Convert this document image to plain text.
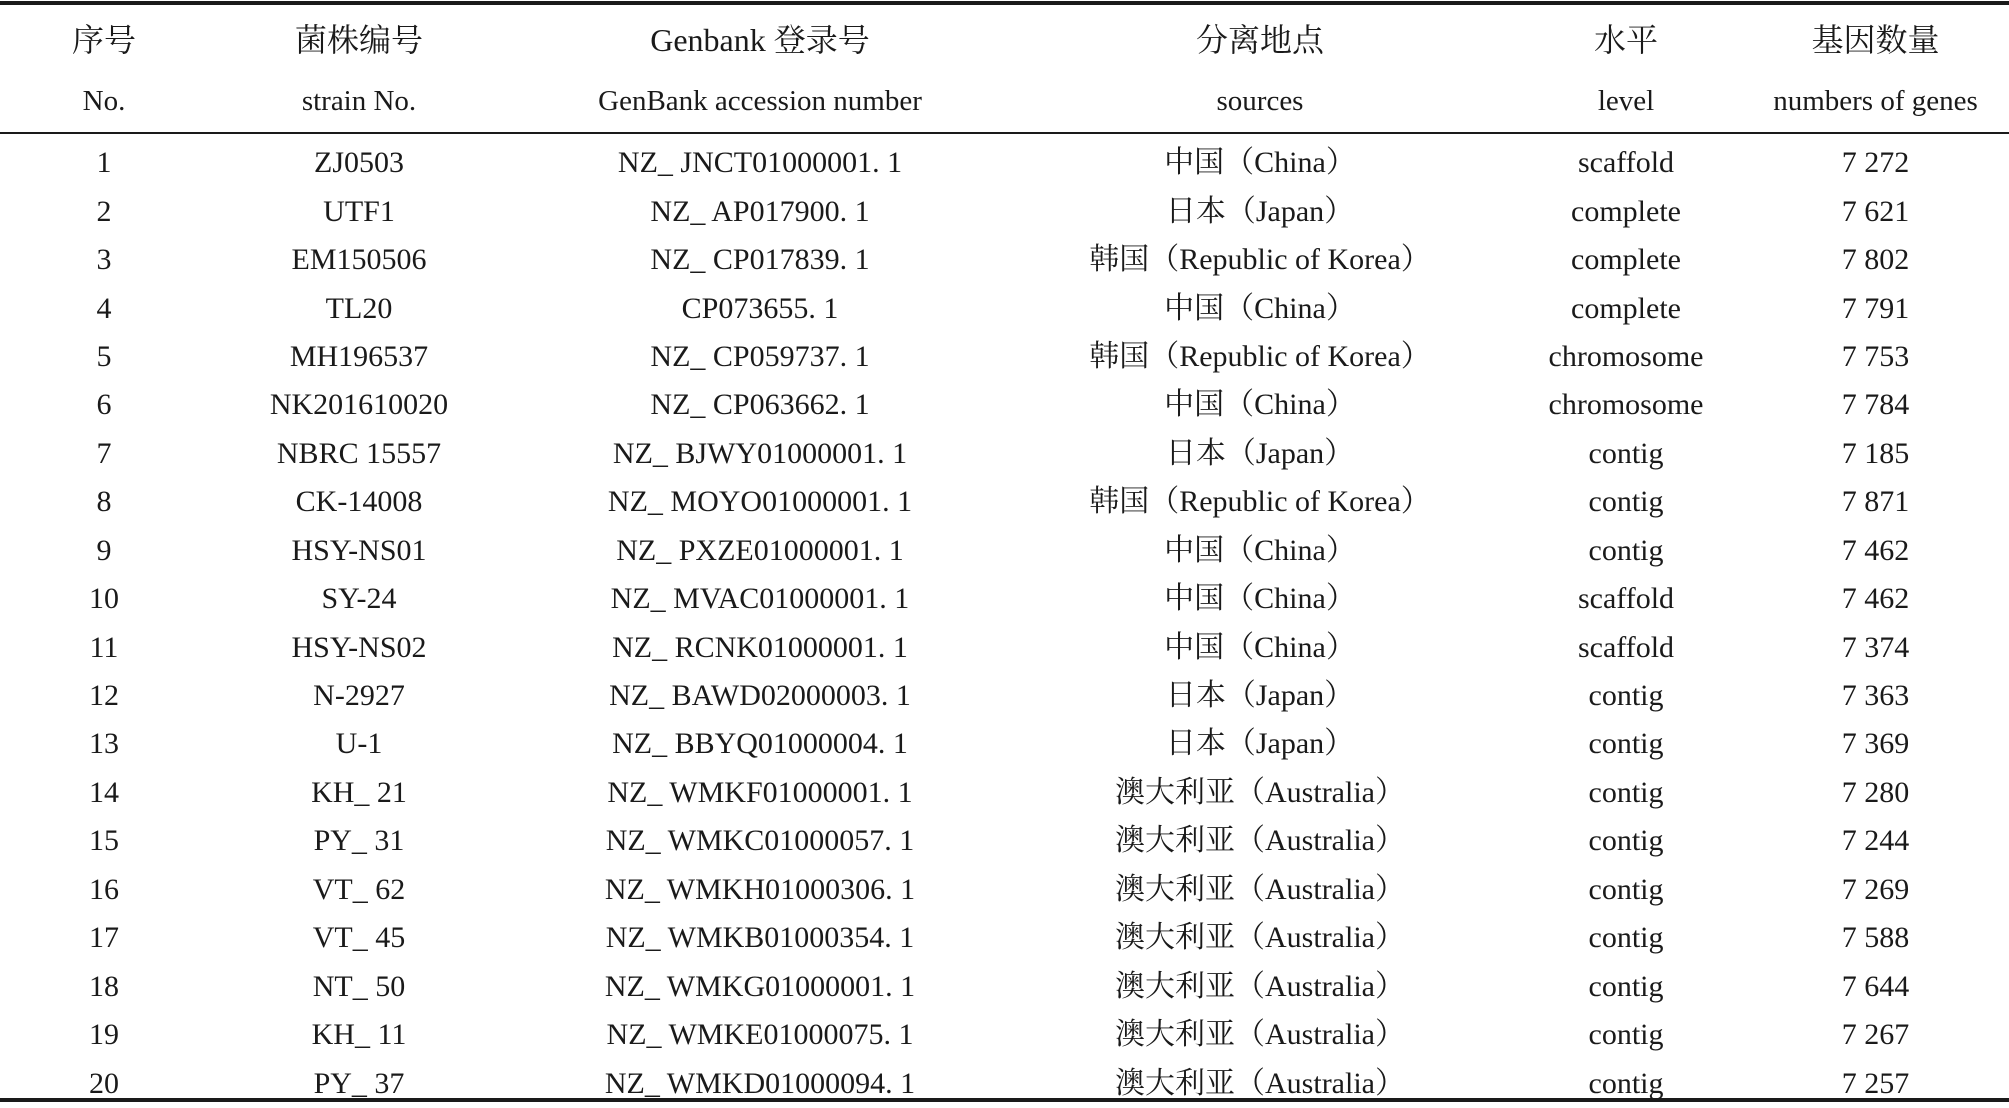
序号	菌株编号	Genbank 登录号	分离地点	水平	基因数量
No.	strain No.	GenBank accession number	sources	level	numbers of genes
1	ZJ0503	NZ_ JNCT01000001. 1	中国（China）	scaffold	7 272
2	UTF1	NZ_ AP017900. 1	日本（Japan）	complete	7 621
3	EM150506	NZ_ CP017839. 1	韩国（Republic of Korea）	complete	7 802
4	TL20	CP073655. 1	中国（China）	complete	7 791
5	MH196537	NZ_ CP059737. 1	韩国（Republic of Korea）	chromosome	7 753
6	NK201610020	NZ_ CP063662. 1	中国（China）	chromosome	7 784
7	NBRC 15557	NZ_ BJWY01000001. 1	日本（Japan）	contig	7 185
8	CK-14008	NZ_ MOYO01000001. 1	韩国（Republic of Korea）	contig	7 871
9	HSY-NS01	NZ_ PXZE01000001. 1	中国（China）	contig	7 462
10	SY-24	NZ_ MVAC01000001. 1	中国（China）	scaffold	7 462
11	HSY-NS02	NZ_ RCNK01000001. 1	中国（China）	scaffold	7 374
12	N-2927	NZ_ BAWD02000003. 1	日本（Japan）	contig	7 363
13	U-1	NZ_ BBYQ01000004. 1	日本（Japan）	contig	7 369
14	KH_ 21	NZ_ WMKF01000001. 1	澳大利亚（Australia）	contig	7 280
15	PY_ 31	NZ_ WMKC01000057. 1	澳大利亚（Australia）	contig	7 244
16	VT_ 62	NZ_ WMKH01000306. 1	澳大利亚（Australia）	contig	7 269
17	VT_ 45	NZ_ WMKB01000354. 1	澳大利亚（Australia）	contig	7 588
18	NT_ 50	NZ_ WMKG01000001. 1	澳大利亚（Australia）	contig	7 644
19	KH_ 11	NZ_ WMKE01000075. 1	澳大利亚（Australia）	contig	7 267
20	PY_ 37	NZ_ WMKD01000094. 1	澳大利亚（Australia）	contig	7 257
